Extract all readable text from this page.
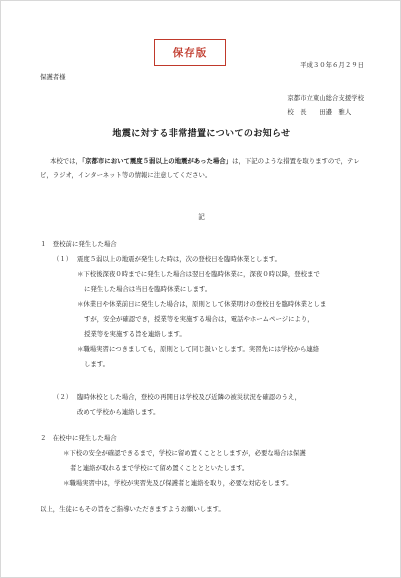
保存版
平成３０年６月２９日
保護者様
京都市立東山総合支援学校
校　長　　田邉　雅人
地震に対する非常措置についてのお知らせ
本校では，「京都市において震度５弱以上の地震があった場合」は，下記のような措置を取りますので，テレビ，ラジオ，インターネット等の情報に注意してください。
記
１　登校前に発生した場合
（１） 震度５弱以上の地震が発生した時は，次の登校日を臨時休業とします。
＊下校後深夜０時までに発生した場合は翌日を臨時休業に，深夜０時以降，登校まで
に発生した場合は当日を臨時休業にします。
＊休業日や休業前日に発生した場合は，原則として休業明けの登校日を臨時休業としま
すが，安全が確認でき，授業等を実施する場合は，電話やホームページにより，
授業等を実施する旨を連絡します。
＊職場実習につきましても，原則として同じ扱いとします。実習先には学校から連絡
します。
（２） 臨時休校とした場合，登校の再開日は学校及び近隣の被災状況を確認のうえ，
改めて学校から連絡します。
２　在校中に発生した場合
＊下校の安全が確認できるまで，学校に留め置くこととしますが，必要な場合は保護
者と連絡が取れるまで学校にて留め置くこととといたします。
＊職場実習中は，学校が実習先及び保護者と連絡を取り，必要な対応をします。
以上，生徒にもその旨をご指導いただきますようお願いします。
